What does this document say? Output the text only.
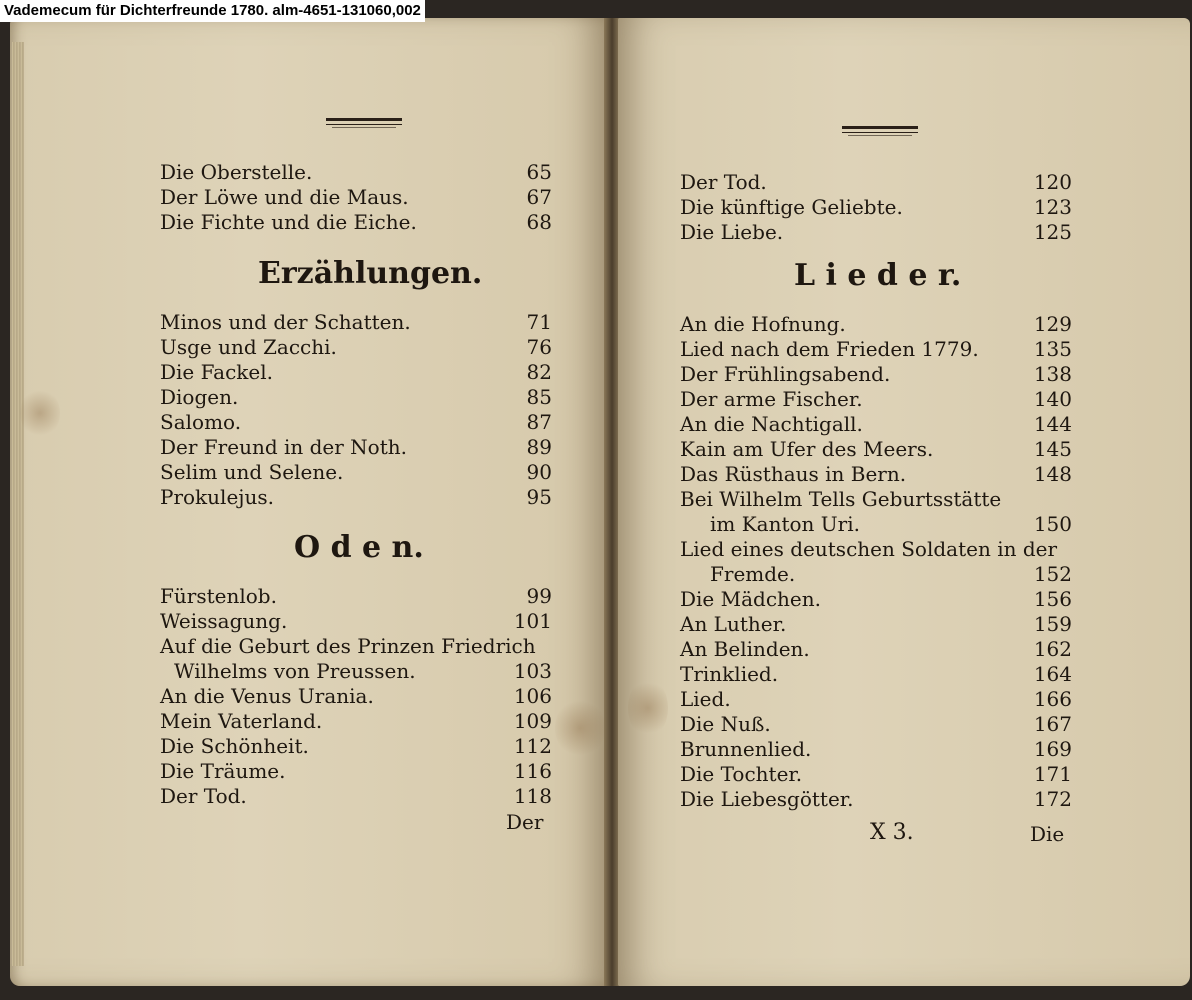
Vademecum für Dichterfreunde 1780. alm-4651-131060,002
Die Oberstelle.	65
Der Löwe und die Maus.	67
Die Fichte und die Eiche.	68
Erzählungen.
Minos und der Schatten.	71
Usge und Zacchi.	76
Die Fackel.	82
Diogen.	85
Salomo.	87
Der Freund in der Noth.	89
Selim und Selene.	90
Prokulejus.	95
O d e n.
Fürstenlob.	99
Weissagung.	101
Auf die Geburt des Prinzen Friedrich
Wilhelms von Preussen.	103
An die Venus Urania.	106
Mein Vaterland.	109
Die Schönheit.	112
Die Träume.	116
Der Tod.	118
Der
Der Tod.	120
Die künftige Geliebte.	123
Die Liebe.	125
L i e d e r.
An die Hofnung.	129
Lied nach dem Frieden 1779.	135
Der Frühlingsabend.	138
Der arme Fischer.	140
An die Nachtigall.	144
Kain am Ufer des Meers.	145
Das Rüsthaus in Bern.	148
Bei Wilhelm Tells Geburtsstätte
im Kanton Uri.	150
Lied eines deutschen Soldaten in der
Fremde.	152
Die Mädchen.	156
An Luther.	159
An Belinden.	162
Trinklied.	164
Lied.	166
Die Nuß.	167
Brunnenlied.	169
Die Tochter.	171
Die Liebesgötter.	172
X 3.	Die
